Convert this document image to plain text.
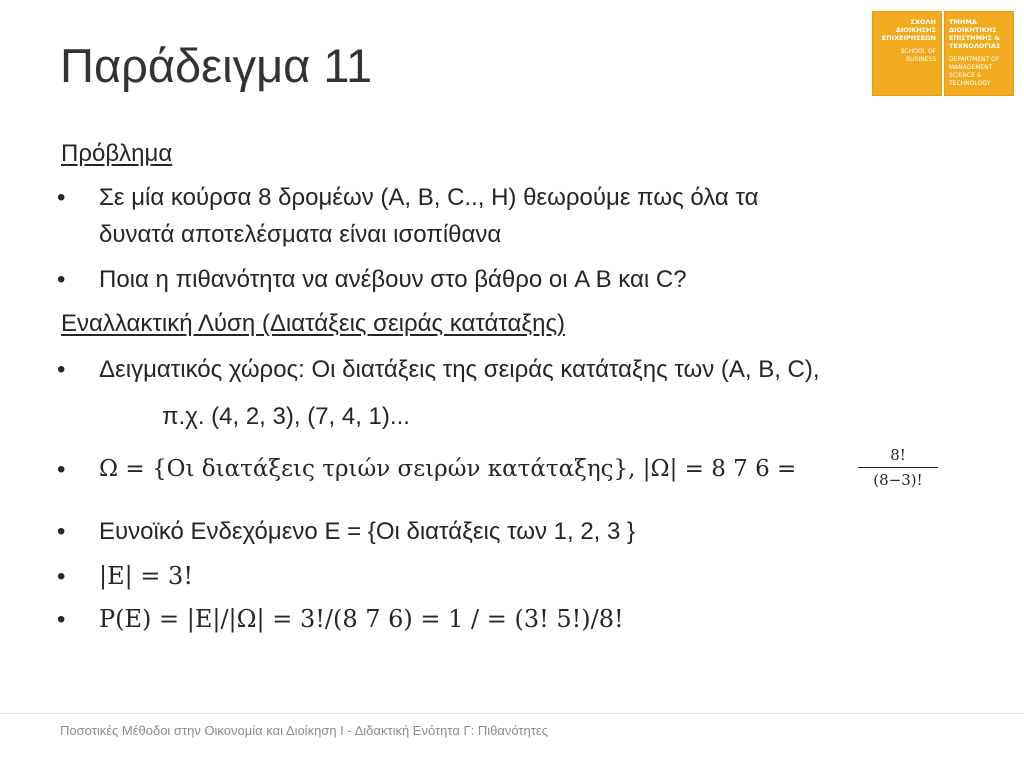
Παράδειγμα 11
ΣΧΟΛΗ ΔΙΟΙΚΗΣΗΣ ΕΠΙΧΕΙΡΗΣΕΩΝ
SCHOOL OF BUSINESS
ΤΜΗΜΑ ΔΙΟΙΚΗΤΙΚΗΣ ΕΠΙΣΤΗΜΗΣ & ΤΕΧΝΟΛΟΓΙΑΣ
DEPARTMENT OF MANAGEMENT SCIENCE & TECHNOLOGY
Πρόβλημα
• Σε μία κούρσα 8 δρομέων (A, B, C.., H) θεωρούμε πως όλα τα
δυνατά αποτελέσματα είναι ισοπίθανα
• Ποια η πιθανότητα να ανέβουν στο βάθρο οι A B και C?
Εναλλακτική Λύση (Διατάξεις σειράς κατάταξης)
• Δειγματικός χώρος: Οι διατάξεις της σειράς κατάταξης των (A, B, C),
π.χ. (4, 2, 3), (7, 4, 1)...
• Ω = {Οι διατάξεις τριών σειρών κατάταξης}, |Ω| = 8 7 6 =
8!
(8−3)!
• Ευνοϊκό Ενδεχόμενο E = {Οι διατάξεις των 1, 2, 3 }
• |E| = 3!
• P(E) = |E|/|Ω| = 3!/(8 7 6) = 1 / = (3! 5!)/8!
Ποσοτικές Μέθοδοι στην Οικονομία και Διοίκηση Ι - Διδακτική Ενότητα Γ: Πιθανότητες
